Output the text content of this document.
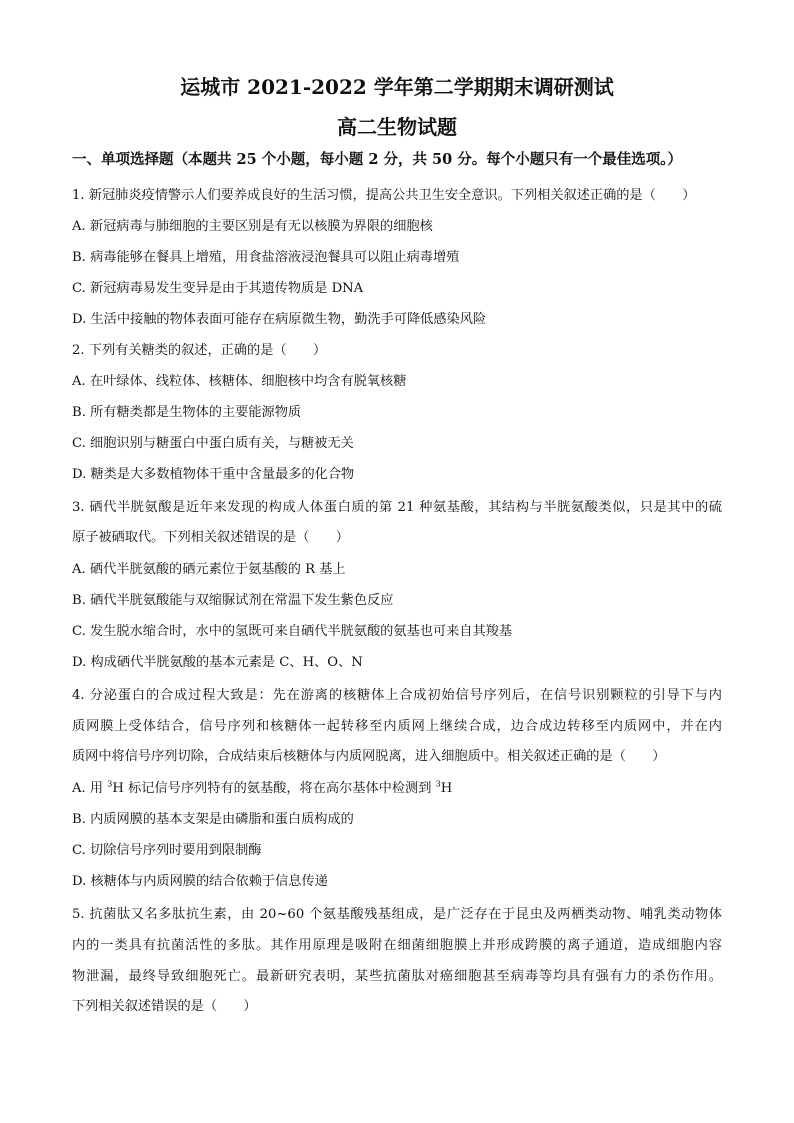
运城市 2021-2022 学年第二学期期末调研测试
高二生物试题
一、单项选择题（本题共 25 个小题，每小题 2 分，共 50 分。每个小题只有一个最佳选项。）
1. 新冠肺炎疫情警示人们要养成良好的生活习惯，提高公共卫生安全意识。下列相关叙述正确的是（　　）
A. 新冠病毒与肺细胞的主要区别是有无以核膜为界限的细胞核
B. 病毒能够在餐具上增殖，用食盐溶液浸泡餐具可以阻止病毒增殖
C. 新冠病毒易发生变异是由于其遗传物质是 DNA
D. 生活中接触的物体表面可能存在病原微生物，勤洗手可降低感染风险
2. 下列有关糖类的叙述，正确的是（　　）
A. 在叶绿体、线粒体、核糖体、细胞核中均含有脱氧核糖
B. 所有糖类都是生物体的主要能源物质
C. 细胞识别与糖蛋白中蛋白质有关，与糖被无关
D. 糖类是大多数植物体干重中含量最多的化合物
3. 硒代半胱氨酸是近年来发现的构成人体蛋白质的第 21 种氨基酸，其结构与半胱氨酸类似，只是其中的硫
原子被硒取代。下列相关叙述错误的是（　　）
A. 硒代半胱氨酸的硒元素位于氨基酸的 R 基上
B. 硒代半胱氨酸能与双缩脲试剂在常温下发生紫色反应
C. 发生脱水缩合时，水中的氢既可来自硒代半胱氨酸的氨基也可来自其羧基
D. 构成硒代半胱氨酸的基本元素是 C、H、O、N
4. 分泌蛋白的合成过程大致是：先在游离的核糖体上合成初始信号序列后，在信号识别颗粒的引导下与内
质网膜上受体结合，信号序列和核糖体一起转移至内质网上继续合成，边合成边转移至内质网中，并在内
质网中将信号序列切除，合成结束后核糖体与内质网脱离，进入细胞质中。相关叙述正确的是（　　）
A. 用 $^3$H 标记信号序列特有的氨基酸，将在高尔基体中检测到 $^3$H
B. 内质网膜的基本支架是由磷脂和蛋白质构成的
C. 切除信号序列时要用到限制酶
D. 核糖体与内质网膜的结合依赖于信息传递
5. 抗菌肽又名多肽抗生素，由 20~60 个氨基酸残基组成，是广泛存在于昆虫及两栖类动物、哺乳类动物体
内的一类具有抗菌活性的多肽。其作用原理是吸附在细菌细胞膜上并形成跨膜的离子通道，造成细胞内容
物泄漏，最终导致细胞死亡。最新研究表明，某些抗菌肽对癌细胞甚至病毒等均具有强有力的杀伤作用。
下列相关叙述错误的是（　　）
